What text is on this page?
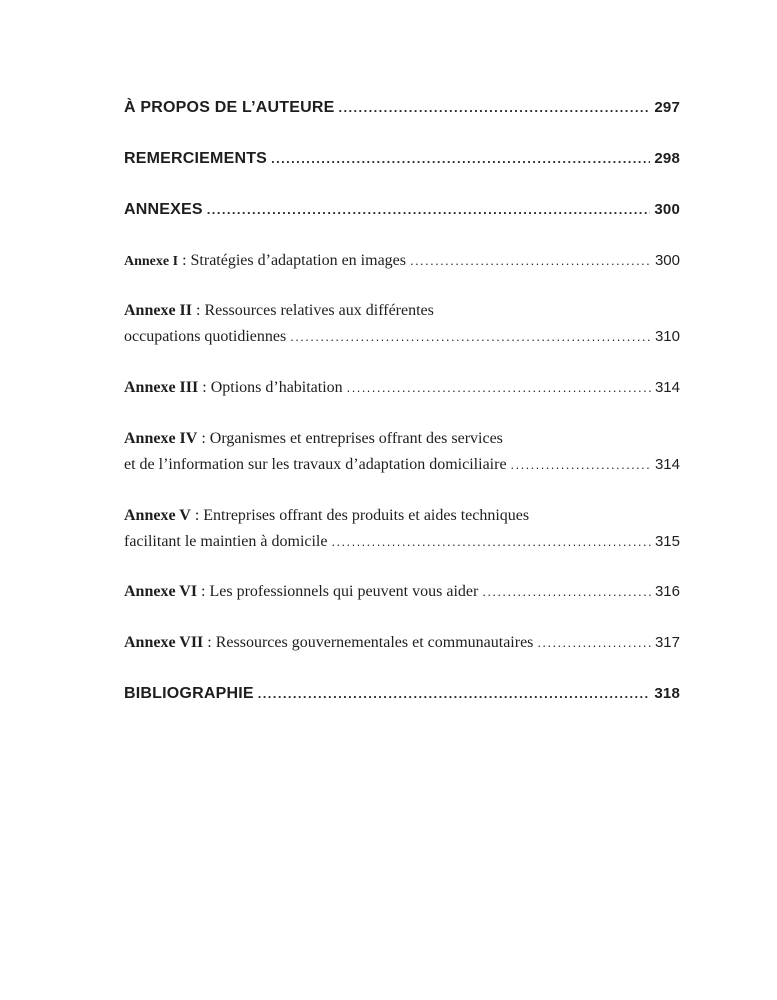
À PROPOS DE L’AUTEURE . . .	297
REMERCIEMENTS . . .	298
ANNEXES . . .	300
Annexe I : Stratégies d’adaptation en images . . .	300
Annexe II : Ressources relatives aux différentes
occupations quotidiennes . . .	310
Annexe III : Options d’habitation . . .	314
Annexe IV : Organismes et entreprises offrant des services
et de l’information sur les travaux d’adaptation domiciliaire . . .	314
Annexe V : Entreprises offrant des produits et aides techniques
facilitant le maintien à domicile . . .	315
Annexe VI : Les professionnels qui peuvent vous aider . . .	316
Annexe VII : Ressources gouvernementales et communautaires . . .	317
BIBLIOGRAPHIE . . .	318
